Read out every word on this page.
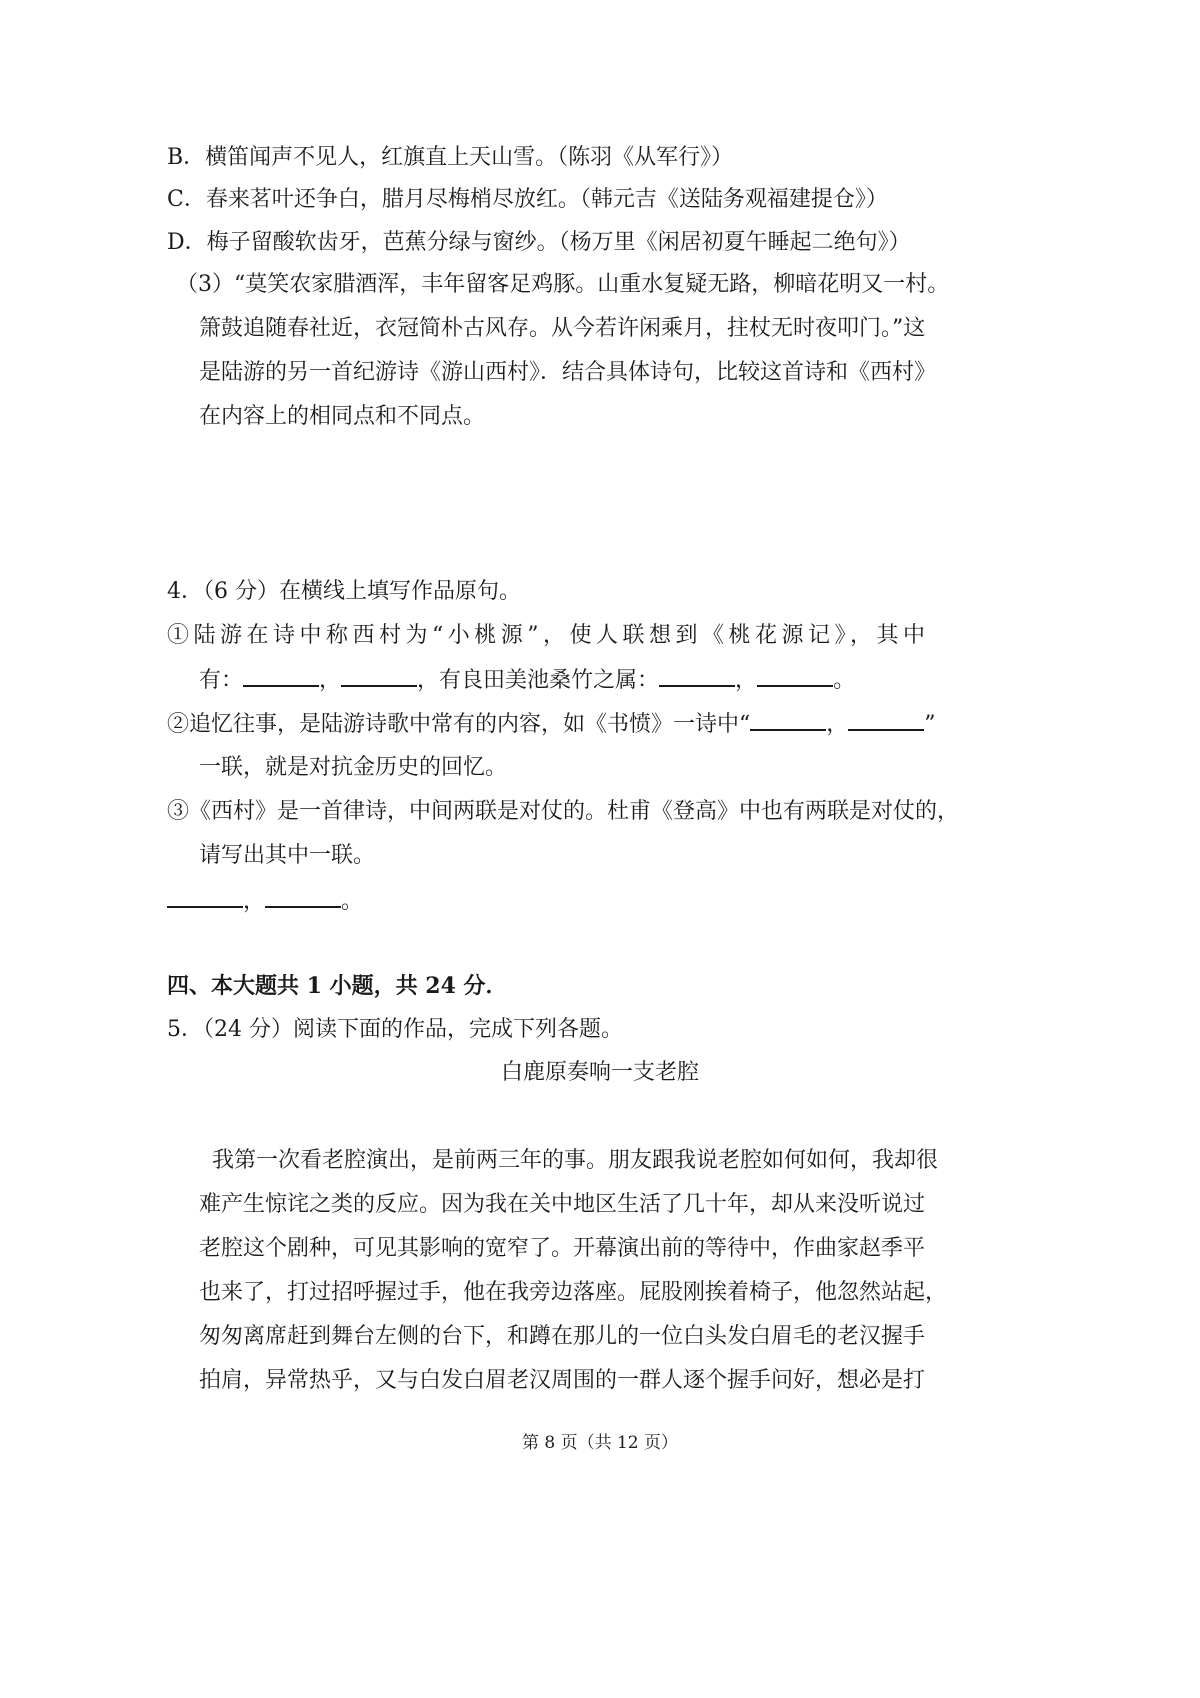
B．横笛闻声不见人，红旗直上天山雪。（陈羽《从军行》）
C．春来茗叶还争白，腊月尽梅梢尽放红。（韩元吉《送陆务观福建提仓》）
D．梅子留酸软齿牙，芭蕉分绿与窗纱。（杨万里《闲居初夏午睡起二绝句》）
（3）“莫笑农家腊酒浑，丰年留客足鸡豚。山重水复疑无路，柳暗花明又一村。
箫鼓追随春社近，衣冠简朴古风存。从今若许闲乘月，拄杖无时夜叩门。”这
是陆游的另一首纪游诗《游山西村》．结合具体诗句，比较这首诗和《西村》
在内容上的相同点和不同点。
4．（6 分）在横线上填写作品原句。
①陆游在诗中称西村为“小桃源”，使人联想到《桃花源记》，其中
有：	，	，有良田美池桑竹之属：	，	。
②追忆往事，是陆游诗歌中常有的内容，如《书愤》一诗中“	，	”
一联，就是对抗金历史的回忆。
③《西村》是一首律诗，中间两联是对仗的。杜甫《登高》中也有两联是对仗的，
请写出其中一联。
，	。
四、本大题共 1 小题，共 24 分．
5．（24 分）阅读下面的作品，完成下列各题。
白鹿原奏响一支老腔
我第一次看老腔演出，是前两三年的事。朋友跟我说老腔如何如何，我却很
难产生惊诧之类的反应。因为我在关中地区生活了几十年，却从来没听说过
老腔这个剧种，可见其影响的宽窄了。开幕演出前的等待中，作曲家赵季平
也来了，打过招呼握过手，他在我旁边落座。屁股刚挨着椅子，他忽然站起，
匆匆离席赶到舞台左侧的台下，和蹲在那儿的一位白头发白眉毛的老汉握手
拍肩，异常热乎，又与白发白眉老汉周围的一群人逐个握手问好，想必是打
第 8 页（共 12 页）
